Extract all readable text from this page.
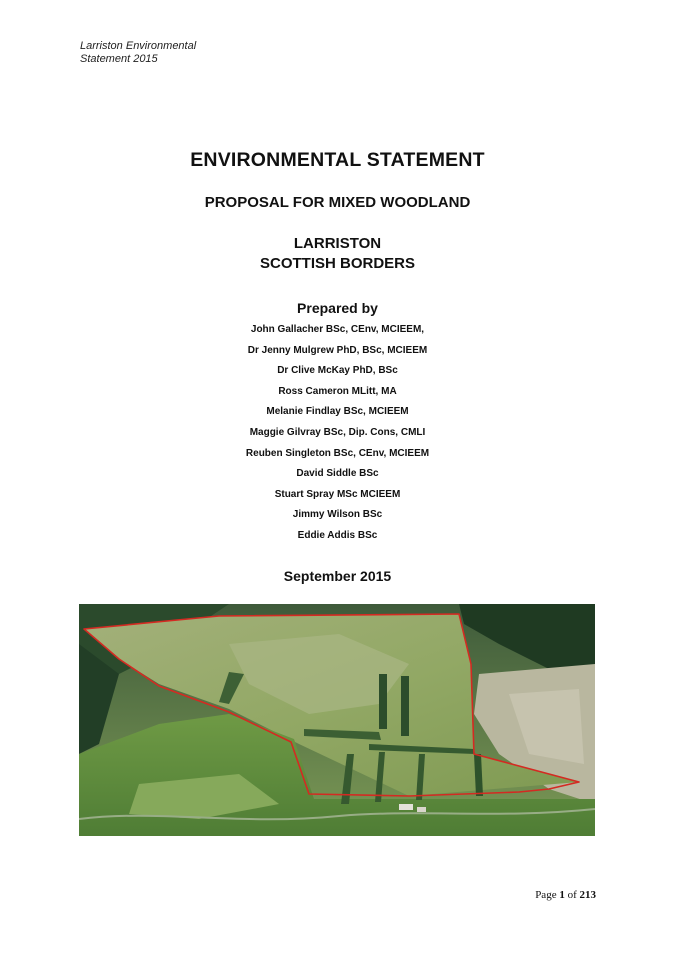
Larriston Environmental
Statement 2015
ENVIRONMENTAL STATEMENT
PROPOSAL FOR MIXED WOODLAND
LARRISTON
SCOTTISH BORDERS
Prepared by
John Gallacher BSc, CEnv, MCIEEM,
Dr Jenny Mulgrew PhD, BSc, MCIEEM
Dr Clive McKay PhD, BSc
Ross Cameron MLitt, MA
Melanie Findlay BSc, MCIEEM
Maggie Gilvray BSc, Dip. Cons, CMLI
Reuben Singleton BSc, CEnv, MCIEEM
David Siddle BSc
Stuart Spray MSc MCIEEM
Jimmy Wilson BSc
Eddie Addis BSc
September 2015
Page 1 of 213
